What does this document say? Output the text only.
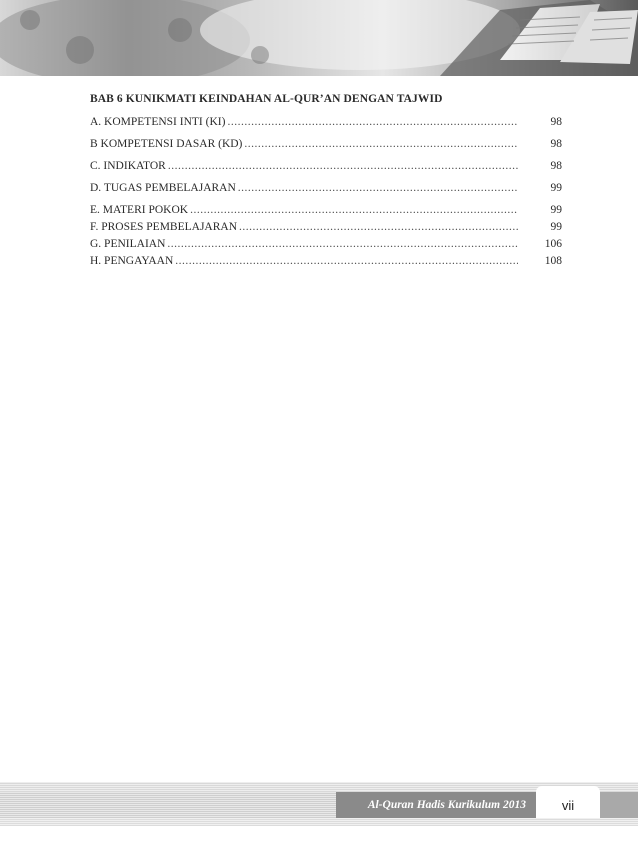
BAB 6 KUNIKMATI KEINDAHAN AL-QUR’AN DENGAN TAJWID
A. KOMPETENSI INTI (KI) .....	98
B KOMPETENSI DASAR (KD) .....	98
C. INDIKATOR .....	98
D. TUGAS PEMBELAJARAN .....	99
E. MATERI POKOK .....	99
F. PROSES PEMBELAJARAN .....	99
G. PENILAIAN .....	106
H. PENGAYAAN .....	108
Al-Quran Hadis Kurikulum 2013	vii
